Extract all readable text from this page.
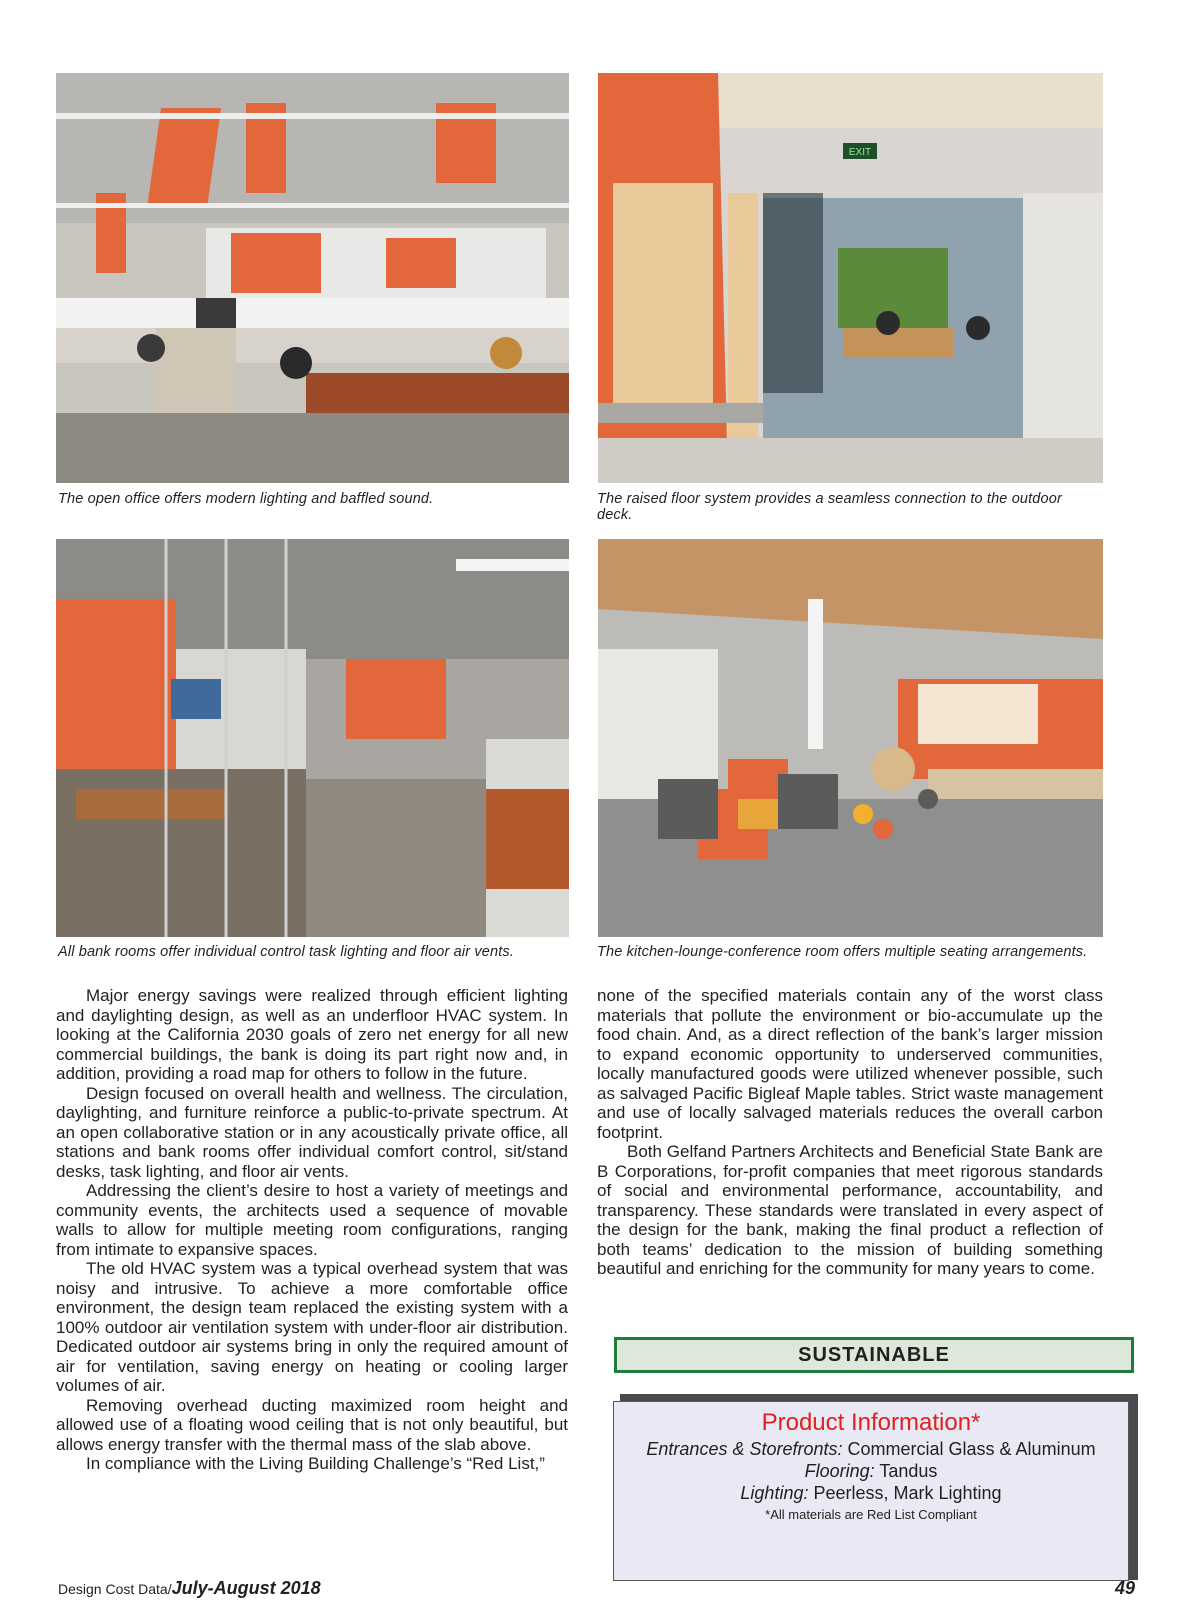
The open office offers modern lighting and baffled sound.
EXIT
The raised floor system provides a seamless connection to the outdoor deck.
All bank rooms offer individual control task lighting and floor air vents.	The kitchen-lounge-conference room offers multiple seating arrangements.

Major energy savings were realized through efficient lighting and daylighting design, as well as an underfloor HVAC system. In looking at the California 2030 goals of zero net energy for all new commercial buildings, the bank is doing its part right now and, in addition, providing a road map for others to follow in the future.

Design focused on overall health and wellness. The circulation, daylighting, and furniture reinforce a public-to-private spectrum. At an open collaborative station or in any acoustically private office, all stations and bank rooms offer individual comfort control, sit/stand desks, task lighting, and floor air vents.

Addressing the client’s desire to host a variety of meetings and community events, the architects used a sequence of movable walls to allow for multiple meeting room configurations, ranging from intimate to expansive spaces.

The old HVAC system was a typical overhead system that was noisy and intrusive. To achieve a more comfortable office environment, the design team replaced the existing system with a 100% outdoor air ventilation system with under-floor air distribution. Dedicated outdoor air systems bring in only the required amount of air for ventilation, saving energy on heating or cooling larger volumes of air.

Removing overhead ducting maximized room height and allowed use of a floating wood ceiling that is not only beautiful, but allows energy transfer with the thermal mass of the slab above.

In compliance with the Living Building Challenge’s “Red List,”

none of the specified materials contain any of the worst class materials that pollute the environment or bio-accumulate up the food chain. And, as a direct reflection of the bank’s larger mission to expand economic opportunity to underserved communities, locally manufactured goods were utilized whenever possible, such as salvaged Pacific Bigleaf Maple tables. Strict waste management and use of locally salvaged materials reduces the overall carbon footprint.

Both Gelfand Partners Architects and Beneficial State Bank are B Corporations, for-profit companies that meet rigorous standards of social and environmental performance, accountability, and transparency. These standards were translated in every aspect of the design for the bank, making the final product a reflection of both teams’ dedication to the mission of building something beautiful and enriching for the community for many years to come.

SUSTAINABLE
Product Information*
Entrances & Storefronts: Commercial Glass & Aluminum
Flooring: Tandus
Lighting: Peerless, Mark Lighting
*All materials are Red List Compliant
Design Cost Data/July-August 2018	49
